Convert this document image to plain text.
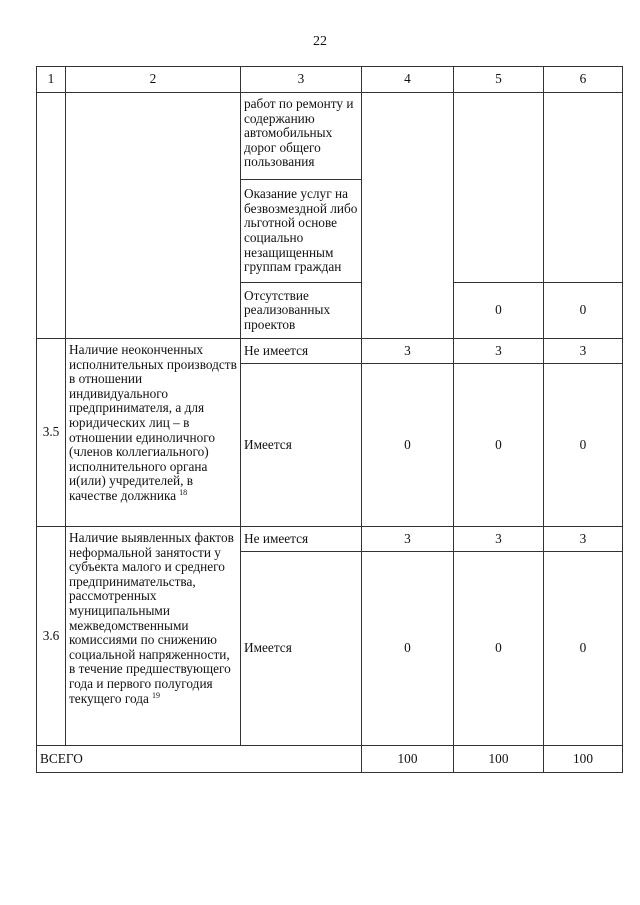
22
1	2	3	4	5	6
		работ по ремонту и содержанию автомобильных дорог общего пользования			
		Оказание услуг на безвозмездной либо льготной основе социально незащищенным группам граждан			
		Отсутствие реализованных проектов		0	0
3.5	Наличие неоконченных исполнительных производств в отношении индивидуального предпринимателя, а для юридических лиц – в отношении единоличного (членов коллегиального) исполнительного органа и(или) учредителей, в качестве должника $^{18}$	Не имеется	3	3	3
		Имеется	0	0	0
3.6	Наличие выявленных фактов неформальной занятости у субъекта малого и среднего предпринимательства, рассмотренных муниципальными межведомственными комиссиями по снижению социальной напряженности, в течение предшествующего года и первого полугодия текущего года $^{19}$	Не имеется	3	3	3
		Имеется	0	0	0
ВСЕГО			100	100	100
